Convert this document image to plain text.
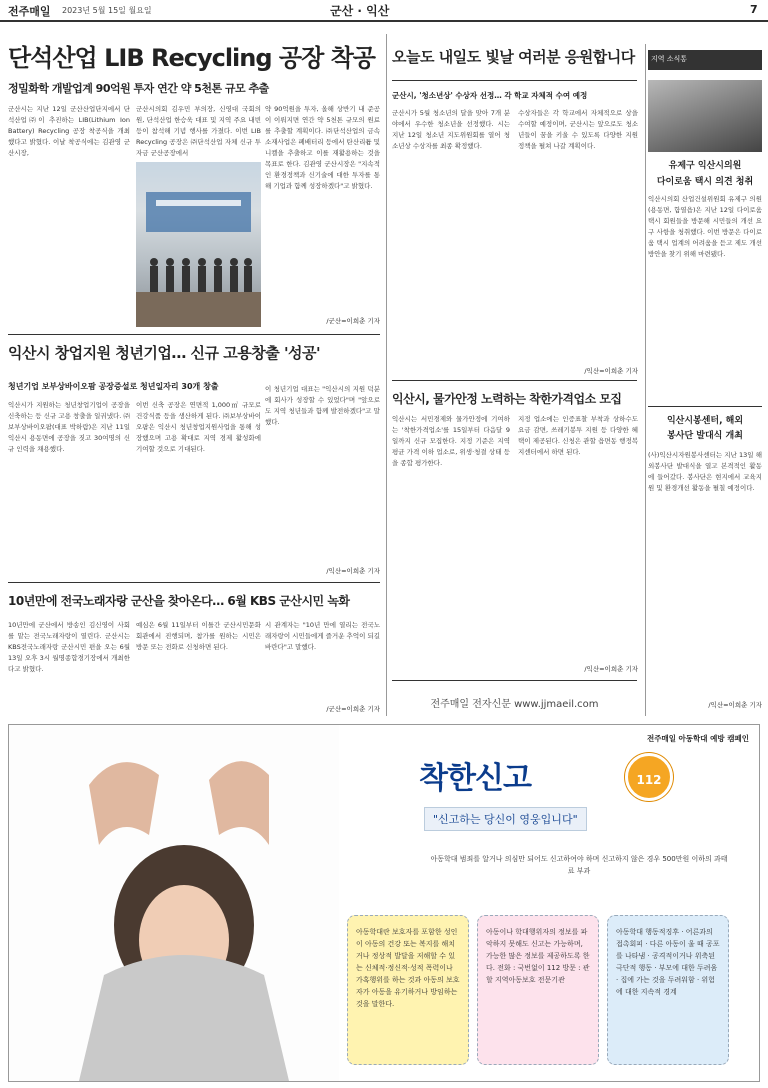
전주매일 2023년 5월 15일 월요일	군산 · 익산	7
단석산업 LIB Recycling 공장 착공
정밀화학 개발업계 90억원 투자 연간 약 5천톤 규모 추출
군산시는 지난 12일 군산산업단지에서 단석산업㈜이 추진하는 LIB(Lithium Ion Battery) Recycling 공장 착공식을 개최했다고 밝혔다. 이날 착공식에는 김관영 군산시장,
군산시의회 김우민 부의장, 신영대 국회의원, 단석산업 한승욱 대표 및 지역 주요 내빈 등이 참석해 기념 행사를 가졌다. 이번 LIB Recycling 공장은 ㈜단석산업 자체 신규 투자금 군산공장에서
약 90억원을 투자, 올해 상반기 내 준공이 이뤄지면 연간 약 5천톤 규모의 원료를 추출할 계획이다. ㈜단석산업의 금속소재사업은 폐배터리 등에서 탄산리튬 및 니켈을 추출하고 이를 재활용하는 것을 목표로 한다. 김관영 군산시장은 "지속적인 환경정책과 신기술에 대한 투자를 통해 기업과 함께 성장하겠다"고 밝혔다.
/군산=이희춘 기자
익산시 창업지원 청년기업… 신규 고용창출 '성공'
청년기업 보부상바이오팜 공장증설로 청년일자리 30개 창출
익산시가 지원하는 청년창업기업이 공장을 신축하는 등 신규 고용 창출을 일궈냈다. ㈜보부상바이오팜(대표 박하람)은 지난 11일 익산시 용동면에 공장을 짓고 30여명의 신규 인력을 채용했다.
이번 신축 공장은 연면적 1,000㎡ 규모로 건강식품 등을 생산하게 된다. ㈜보부상바이오팜은 익산시 청년창업지원사업을 통해 성장했으며 고용 확대로 지역 경제 활성화에 기여할 것으로 기대된다.
이 청년기업 대표는 "익산시의 지원 덕분에 회사가 성장할 수 있었다"며 "앞으로도 지역 청년들과 함께 발전하겠다"고 말했다.
/익산=이희춘 기자
10년만에 전국노래자랑 군산을 찾아온다… 6월 KBS 군산시민 녹화
10년만에 군산에서 방송인 김신영이 사회를 맡는 전국노래자랑이 열린다. 군산시는 KBS전국노래자랑 군산시민 편을 오는 6월 13일 오후 3시 월명종합경기장에서 개최한다고 밝혔다.
예심은 6월 11일부터 이틀간 군산시민문화회관에서 진행되며, 참가를 원하는 시민은 방문 또는 전화로 신청하면 된다.
시 관계자는 "10년 만에 열리는 전국노래자랑이 시민들에게 즐거운 추억이 되길 바란다"고 말했다.
/군산=이희춘 기자
오늘도 내일도 빛날 여러분 응원합니다
군산시, '청소년상' 수상자 선정… 각 학교 자체적 수여 예정
군산시가 5월 청소년의 달을 맞아 7개 분야에서 우수한 청소년을 선정했다. 시는 지난 12일 청소년 지도위원회를 열어 청소년상 수상자를 최종 확정했다.
수상자들은 각 학교에서 자체적으로 상을 수여할 예정이며, 군산시는 앞으로도 청소년들이 꿈을 키울 수 있도록 다양한 지원 정책을 펼쳐 나갈 계획이다.
/익산=이희춘 기자
익산시, 물가안정 노력하는 착한가격업소 모집
익산시는 서민경제와 물가안정에 기여하는 '착한가격업소'를 15일부터 다음달 9일까지 신규 모집한다. 지정 기준은 지역 평균 가격 이하 업소로, 위생·청결 상태 등을 종합 평가한다.
지정 업소에는 인증표찰 부착과 상하수도 요금 감면, 쓰레기봉투 지원 등 다양한 혜택이 제공된다. 신청은 관할 읍면동 행정복지센터에서 하면 된다.
/익산=이희춘 기자
전주매일 전자신문 www.jjmaeil.com
지역 소식통
유제구 익산시의원
다이로움 택시 의견 청취
익산시의회 산업건설위원회 유제구 의원(용동면, 함열읍)은 지난 12일 다이로움 택시 회원들을 방문해 시민들의 개선 요구 사항을 청취했다. 이번 방문은 다이로움 택시 업계의 어려움을 듣고 제도 개선 방안을 찾기 위해 마련됐다.
익산시봉센터, 해외
봉사단 발대식 개최
(사)익산시자원봉사센터는 지난 13일 해외봉사단 발대식을 열고 본격적인 활동에 들어갔다. 봉사단은 현지에서 교육지원 및 환경개선 활동을 펼칠 예정이다.
/익산=이희춘 기자
전주매일 아동학대 예방 캠페인
착한신고	112
"신고하는 당신이 영웅입니다"
아동학대 범죄를 알거나 의심만 되어도 신고하여야 하며 신고하지 않은 경우 500만원 이하의 과태료 부과
아동학대란 보호자를 포함한 성인이 아동의 건강 또는 복지를 해치거나 정상적 발달을 저해할 수 있는 신체적·정신적·성적 폭력이나 가혹행위를 하는 것과 아동의 보호자가 아동을 유기하거나 방임하는 것을 말한다.
아동이나 학대행위자의 정보를 파악하지 못해도 신고는 가능하며, 가능한 많은 정보를 제공하도록 한다. 전화 : 국번없이 112 방문 : 관할 지역아동보호 전문기관
아동학대 행동적징후 · 어른과의 접촉회피 · 다른 아동이 울 때 공포를 나타냄 · 공격적이거나 위축된 극단적 행동 · 부모에 대한 두려움 · 집에 가는 것을 두려워함 · 위험에 대한 지속적 경계
